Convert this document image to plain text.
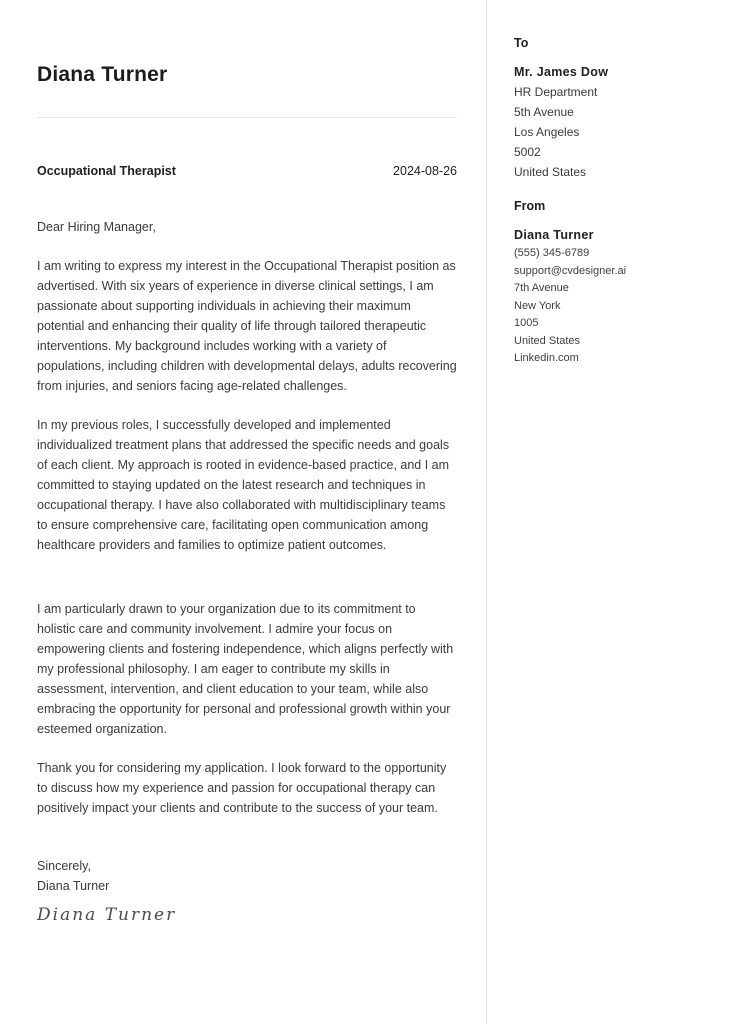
Diana Turner
Occupational Therapist	2024-08-26

Dear Hiring Manager,

I am writing to express my interest in the Occupational Therapist position as advertised. With six years of experience in diverse clinical settings, I am passionate about supporting individuals in achieving their maximum potential and enhancing their quality of life through tailored therapeutic interventions. My background includes working with a variety of populations, including children with developmental delays, adults recovering from injuries, and seniors facing age-related challenges.

In my previous roles, I successfully developed and implemented individualized treatment plans that addressed the specific needs and goals of each client. My approach is rooted in evidence-based practice, and I am committed to staying updated on the latest research and techniques in occupational therapy. I have also collaborated with multidisciplinary teams to ensure comprehensive care, facilitating open communication among healthcare providers and families to optimize patient outcomes.

I am particularly drawn to your organization due to its commitment to holistic care and community involvement. I admire your focus on empowering clients and fostering independence, which aligns perfectly with my professional philosophy. I am eager to contribute my skills in assessment, intervention, and client education to your team, while also embracing the opportunity for personal and professional growth within your esteemed organization.

Thank you for considering my application. I look forward to the opportunity to discuss how my experience and passion for occupational therapy can positively impact your clients and contribute to the success of your team.

Sincerely,
Diana Turner
Diana Turner
To
Mr. James Dow
HR Department
5th Avenue
Los Angeles
5002
United States
From
Diana Turner
(555) 345-6789
support@cvdesigner.ai
7th Avenue
New York
1005
United States
Linkedin.com
